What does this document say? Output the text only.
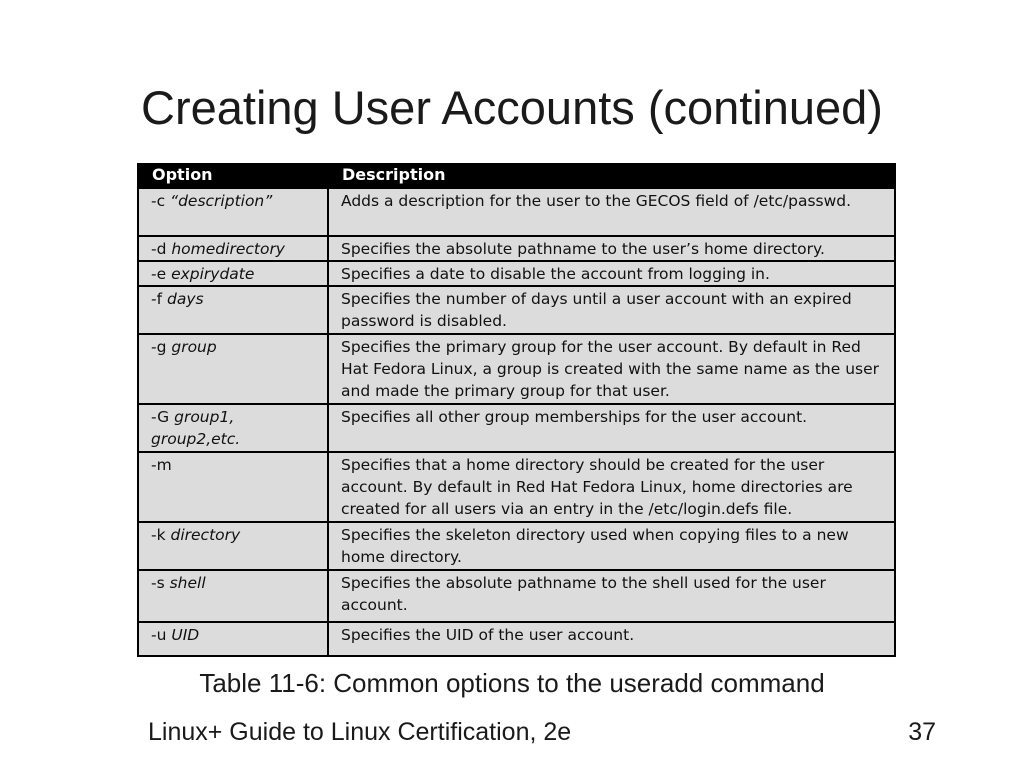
Creating User Accounts (continued)
Option	Description
-c “description”	Adds a description for the user to the GECOS field of /etc/passwd.
-d homedirectory	Specifies the absolute pathname to the user’s home directory.
-e expirydate	Specifies a date to disable the account from logging in.
-f days	Specifies the number of days until a user account with an expired password is disabled.
-g group	Specifies the primary group for the user account. By default in Red Hat Fedora Linux, a group is created with the same name as the user and made the primary group for that user.
-G group1, group2,etc.	Specifies all other group memberships for the user account.
-m	Specifies that a home directory should be created for the user account. By default in Red Hat Fedora Linux, home directories are created for all users via an entry in the /etc/login.defs file.
-k directory	Specifies the skeleton directory used when copying files to a new home directory.
-s shell	Specifies the absolute pathname to the shell used for the user account.
-u UID	Specifies the UID of the user account.
Table 11-6: Common options to the useradd command
Linux+ Guide to Linux Certification, 2e	37
